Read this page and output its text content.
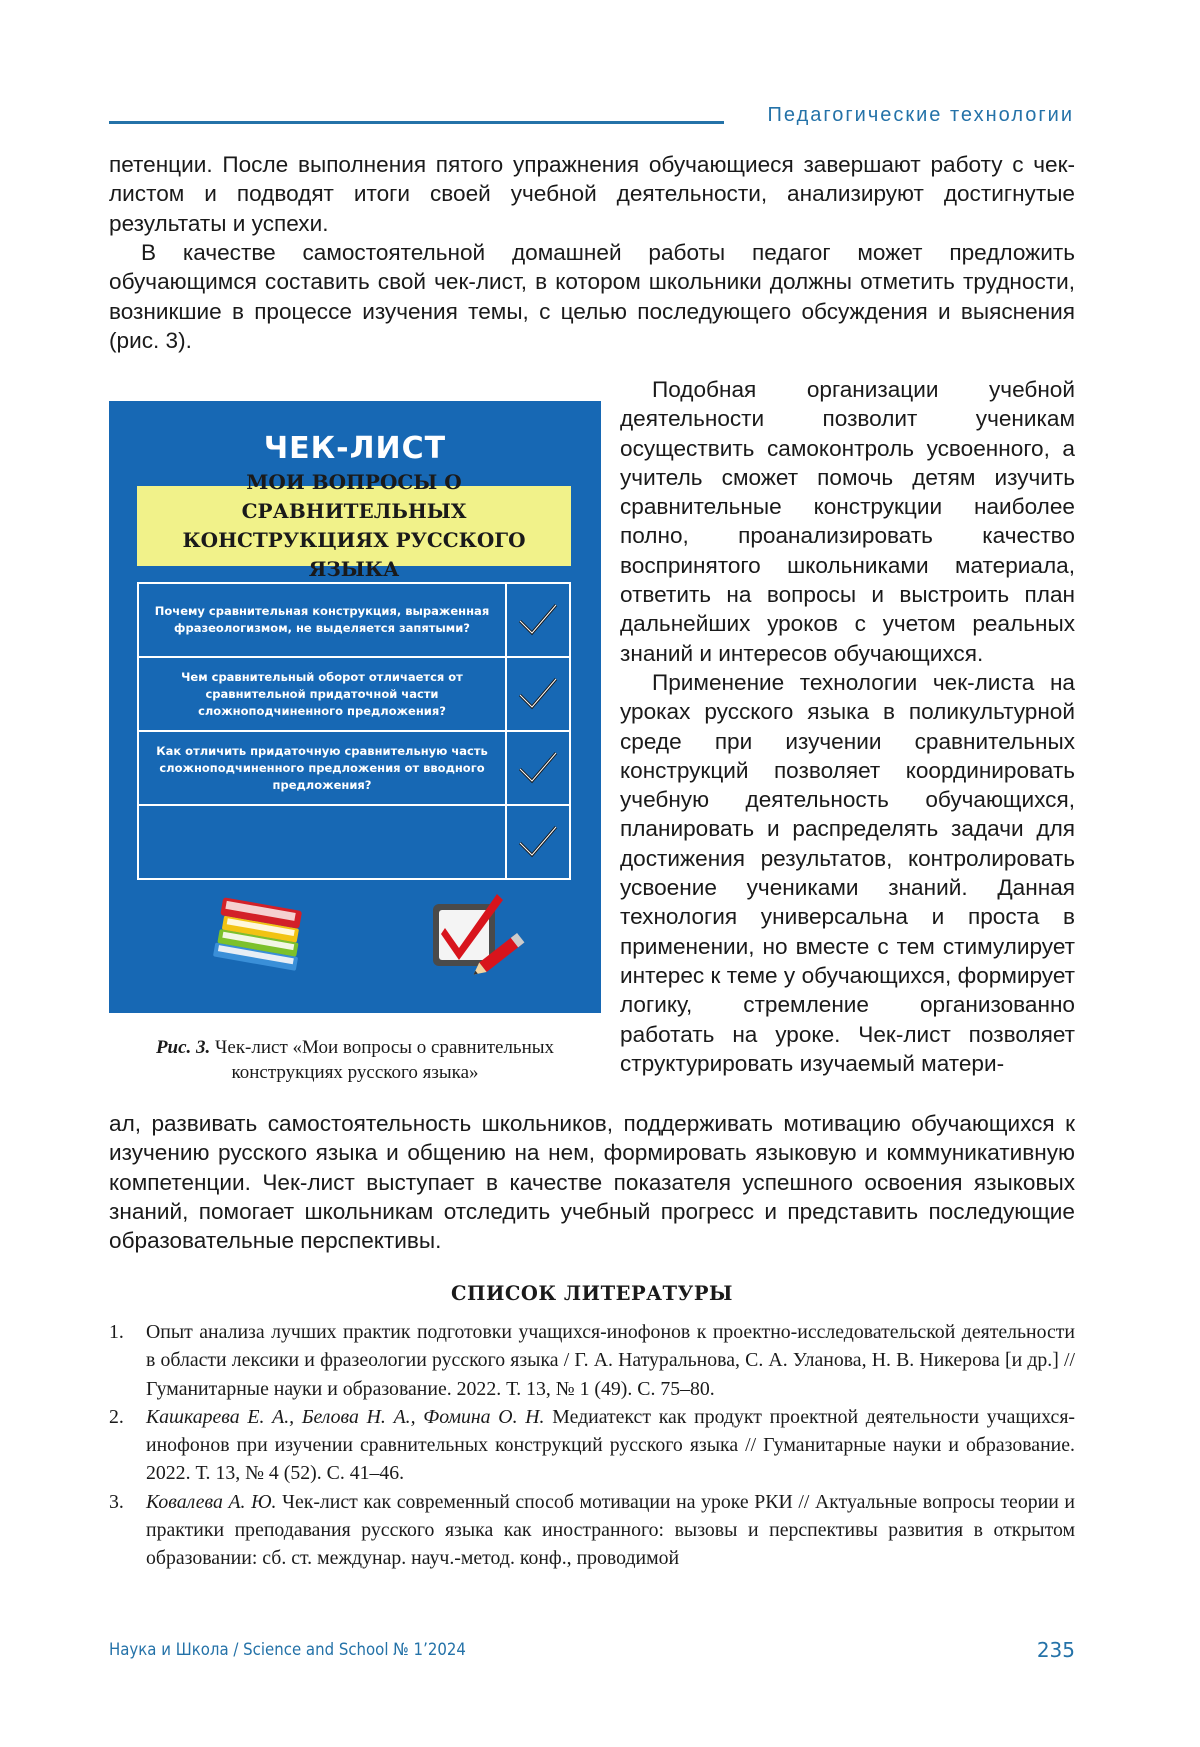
Педагогические технологии

петенции. После выполнения пятого упражнения обучающиеся завершают работу с чек-листом и подводят итоги своей учебной деятельности, анализируют достигнутые результаты и успехи.

В качестве самостоятельной домашней работы педагог может предложить обучающимся составить свой чек-лист, в котором школьники должны отметить трудности, возникшие в процессе изучения темы, с целью последующего обсуждения и выяснения (рис. 3).

Подобная организации учебной деятельности позволит ученикам осуществить самоконтроль усвоенного, а учитель сможет помочь детям изучить сравнительные конструкции наиболее полно, проанализировать качество воспринятого школьниками материала, ответить на вопросы и выстроить план дальнейших уроков с учетом реальных знаний и интересов обучающихся.

Применение технологии чек-листа на уроках русского языка в поликультурной среде при изучении сравнительных конструкций позволяет координировать учебную деятельность обучающихся, планировать и распределять задачи для достижения результатов, контролировать усвоение учениками знаний. Данная технология универсальна и проста в применении, но вместе с тем стимулирует интерес к теме у обучающихся, формирует логику, стремление организованно работать на уроке. Чек-лист позволяет структурировать изучаемый матери-

ал, развивать самостоятельность школьников, поддерживать мотивацию обучающихся к изучению русского языка и общению на нем, формировать языковую и коммуникативную компетенции. Чек-лист выступает в качестве показателя успешного освоения языковых знаний, помогает школьникам отследить учебный прогресс и представить последующие образовательные перспективы.

ЧЕК-ЛИСТ
МОИ ВОПРОСЫ О СРАВНИТЕЛЬНЫХ КОНСТРУКЦИЯХ РУССКОГО ЯЗЫКА
Почему сравнительная конструкция, выраженная фразеологизмом, не выделяется запятыми?
Чем сравнительный оборот отличается от сравнительной придаточной части сложноподчиненного предложения?
Как отличить придаточную сравнительную часть сложноподчиненного предложения от вводного предложения?
Рис. 3. Чек-лист «Мои вопросы о сравнительных конструкциях русского языка»
СПИСОК ЛИТЕРАТУРЫ
1.	Опыт анализа лучших практик подготовки учащихся-инофонов к проектно-исследовательской деятельности в области лексики и фразеологии русского языка / Г. А. Натуральнова, С. А. Уланова, Н. В. Никерова [и др.] // Гуманитарные науки и образование. 2022. Т. 13, № 1 (49). С. 75–80.
2.	Кашкарева Е. А., Белова Н. А., Фомина О. Н. Медиатекст как продукт проектной деятельности учащихся-инофонов при изучении сравнительных конструкций русского языка // Гуманитарные науки и образование. 2022. Т. 13, № 4 (52). С. 41–46.
3.	Ковалева А. Ю. Чек-лист как современный способ мотивации на уроке РКИ // Актуальные вопросы теории и практики преподавания русского языка как иностранного: вызовы и перспективы развития в открытом образовании: сб. ст. междунар. науч.-метод. конф., проводимой
Наука и Школа / Science and School № 1’2024	235
